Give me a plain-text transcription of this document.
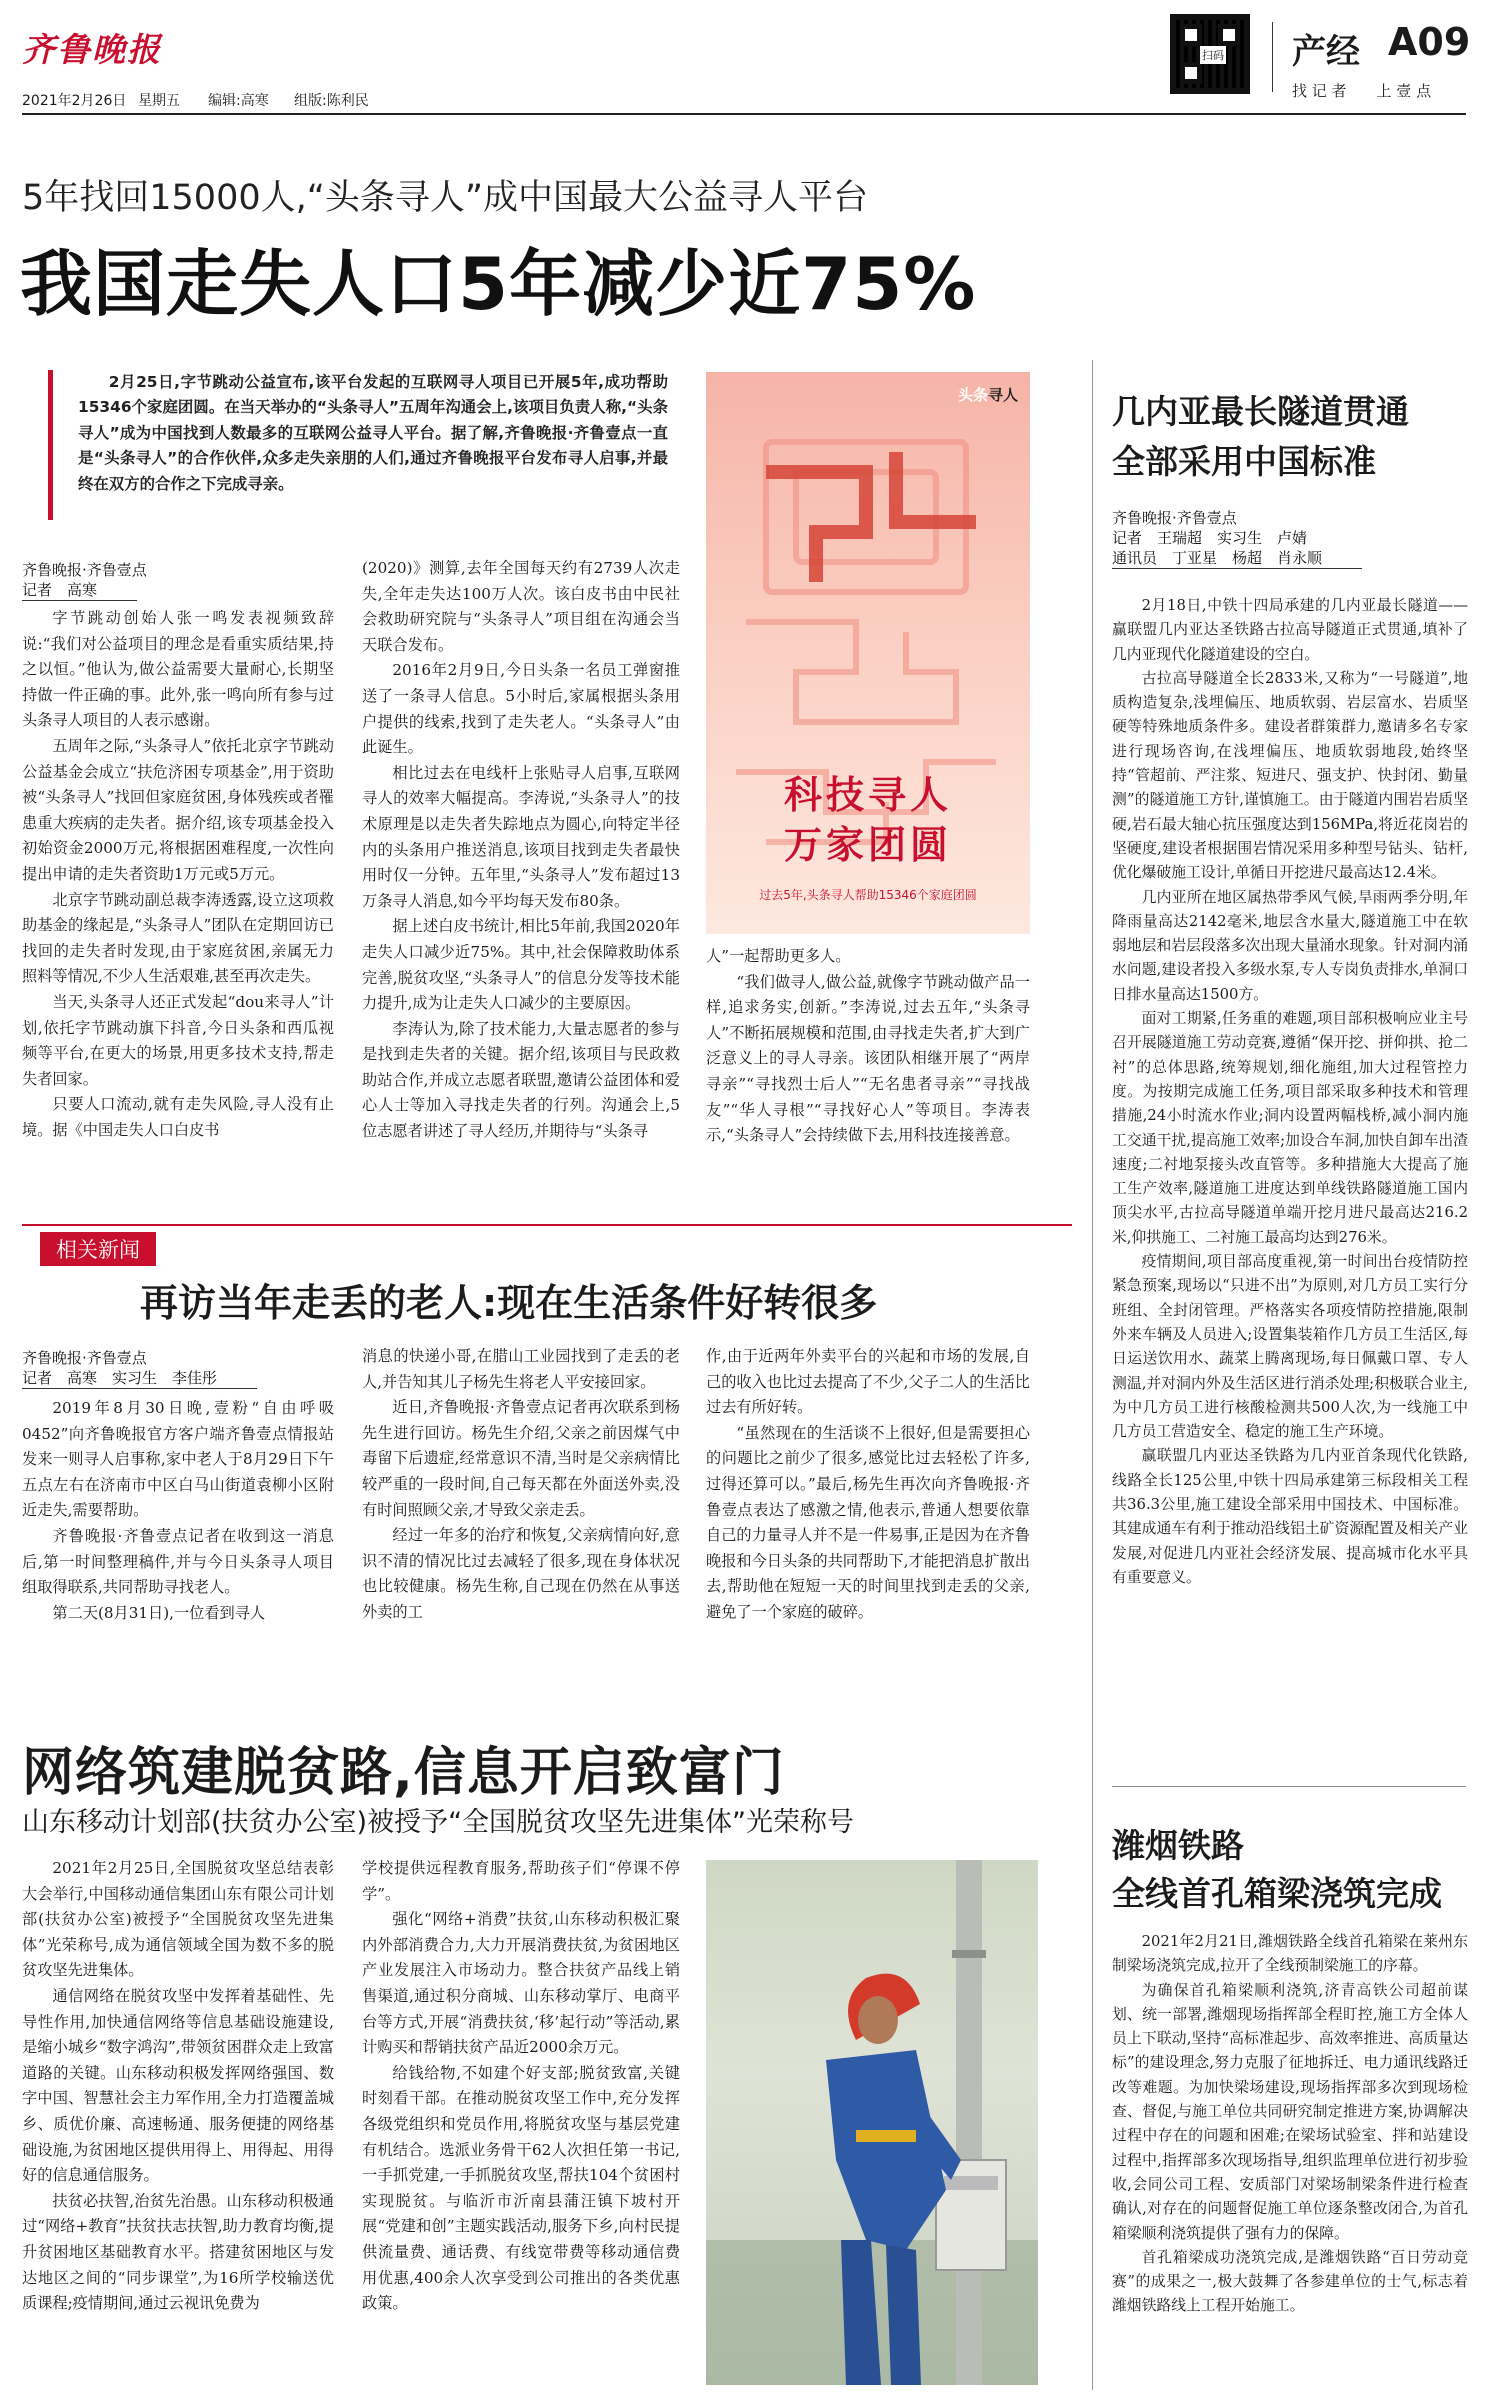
齐鲁晚报
2021年2月26日 星期五 编辑:高寒 组版:陈利民
扫码 产经 A09
找 记 者　　上 壹 点
5年找回15000人,“头条寻人”成中国最大公益寻人平台
我国走失人口5年减少近75%
2月25日,字节跳动公益宣布,该平台发起的互联网寻人项目已开展5年,成功帮助15346个家庭团圆。在当天举办的“头条寻人”五周年沟通会上,该项目负责人称,“头条寻人”成为中国找到人数最多的互联网公益寻人平台。据了解,齐鲁晚报·齐鲁壹点一直是“头条寻人”的合作伙伴,众多走失亲朋的人们,通过齐鲁晚报平台发布寻人启事,并最终在双方的合作之下完成寻亲。
齐鲁晚报·齐鲁壹点
记者　高寒

字节跳动创始人张一鸣发表视频致辞说:“我们对公益项目的理念是看重实质结果,持之以恒。”他认为,做公益需要大量耐心,长期坚持做一件正确的事。此外,张一鸣向所有参与过头条寻人项目的人表示感谢。

五周年之际,“头条寻人”依托北京字节跳动公益基金会成立“扶危济困专项基金”,用于资助被“头条寻人”找回但家庭贫困,身体残疾或者罹患重大疾病的走失者。据介绍,该专项基金投入初始资金2000万元,将根据困难程度,一次性向提出申请的走失者资助1万元或5万元。

北京字节跳动副总裁李涛透露,设立这项救助基金的缘起是,“头条寻人”团队在定期回访已找回的走失者时发现,由于家庭贫困,亲属无力照料等情况,不少人生活艰难,甚至再次走失。

当天,头条寻人还正式发起“dou来寻人”计划,依托字节跳动旗下抖音,今日头条和西瓜视频等平台,在更大的场景,用更多技术支持,帮走失者回家。

只要人口流动,就有走失风险,寻人没有止境。据《中国走失人口白皮书

(2020)》测算,去年全国每天约有2739人次走失,全年走失达100万人次。该白皮书由中民社会救助研究院与“头条寻人”项目组在沟通会当天联合发布。

2016年2月9日,今日头条一名员工弹窗推送了一条寻人信息。5小时后,家属根据头条用户提供的线索,找到了走失老人。“头条寻人”由此诞生。

相比过去在电线杆上张贴寻人启事,互联网寻人的效率大幅提高。李涛说,“头条寻人”的技术原理是以走失者失踪地点为圆心,向特定半径内的头条用户推送消息,该项目找到走失者最快用时仅一分钟。五年里,“头条寻人”发布超过13万条寻人消息,如今平均每天发布80条。

据上述白皮书统计,相比5年前,我国2020年走失人口减少近75%。其中,社会保障救助体系完善,脱贫攻坚,“头条寻人”的信息分发等技术能力提升,成为让走失人口减少的主要原因。

李涛认为,除了技术能力,大量志愿者的参与是找到走失者的关键。据介绍,该项目与民政救助站合作,并成立志愿者联盟,邀请公益团体和爱心人士等加入寻找走失者的行列。沟通会上,5位志愿者讲述了寻人经历,并期待与“头条寻

头条寻人
科技寻人
万家团圆
过去5年,头条寻人帮助15346个家庭团圆

人”一起帮助更多人。

“我们做寻人,做公益,就像字节跳动做产品一样,追求务实,创新。”李涛说,过去五年,“头条寻人”不断拓展规模和范围,由寻找走失者,扩大到广泛意义上的寻人寻亲。该团队相继开展了“两岸寻亲”“寻找烈士后人”“无名患者寻亲”“寻找战友”“华人寻根”“寻找好心人”等项目。李涛表示,“头条寻人”会持续做下去,用科技连接善意。

几内亚最长隧道贯通
全部采用中国标准
齐鲁晚报·齐鲁壹点
记者　王瑞超　实习生　卢婧
通讯员　丁亚星　杨超　肖永顺

2月18日,中铁十四局承建的几内亚最长隧道——赢联盟几内亚达圣铁路古拉高导隧道正式贯通,填补了几内亚现代化隧道建设的空白。

古拉高导隧道全长2833米,又称为“一号隧道”,地质构造复杂,浅埋偏压、地质软弱、岩层富水、岩质坚硬等特殊地质条件多。建设者群策群力,邀请多名专家进行现场咨询,在浅埋偏压、地质软弱地段,始终坚持“管超前、严注浆、短进尺、强支护、快封闭、勤量测”的隧道施工方针,谨慎施工。由于隧道内围岩岩质坚硬,岩石最大轴心抗压强度达到156MPa,将近花岗岩的坚硬度,建设者根据围岩情况采用多种型号钻头、钻杆,优化爆破施工设计,单循日开挖进尺最高达12.4米。

几内亚所在地区属热带季风气候,旱雨两季分明,年降雨量高达2142毫米,地层含水量大,隧道施工中在软弱地层和岩层段落多次出现大量涌水现象。针对洞内涌水问题,建设者投入多级水泵,专人专岗负责排水,单洞口日排水量高达1500方。

面对工期紧,任务重的难题,项目部积极响应业主号召开展隧道施工劳动竞赛,遵循“保开挖、拼仰拱、抢二衬”的总体思路,统筹规划,细化施组,加大过程管控力度。为按期完成施工任务,项目部采取多种技术和管理措施,24小时流水作业;洞内设置两幅栈桥,减小洞内施工交通干扰,提高施工效率;加设合车洞,加快自卸车出渣速度;二衬地泵接头改直管等。多种措施大大提高了施工生产效率,隧道施工进度达到单线铁路隧道施工国内顶尖水平,古拉高导隧道单端开挖月进尺最高达216.2米,仰拱施工、二衬施工最高均达到276米。

疫情期间,项目部高度重视,第一时间出台疫情防控紧急预案,现场以“只进不出”为原则,对几方员工实行分班组、全封闭管理。严格落实各项疫情防控措施,限制外来车辆及人员进入;设置集装箱作几方员工生活区,每日运送饮用水、蔬菜上腾离现场,每日佩戴口罩、专人测温,并对洞内外及生活区进行消杀处理;积极联合业主,为中几方员工进行核酸检测共500人次,为一线施工中几方员工营造安全、稳定的施工生产环境。

赢联盟几内亚达圣铁路为几内亚首条现代化铁路,线路全长125公里,中铁十四局承建第三标段相关工程共36.3公里,施工建设全部采用中国技术、中国标准。其建成通车有利于推动沿线铝土矿资源配置及相关产业发展,对促进几内亚社会经济发展、提高城市化水平具有重要意义。

潍烟铁路
全线首孔箱梁浇筑完成

2021年2月21日,潍烟铁路全线首孔箱梁在莱州东制梁场浇筑完成,拉开了全线预制梁施工的序幕。

为确保首孔箱梁顺利浇筑,济青高铁公司超前谋划、统一部署,潍烟现场指挥部全程盯控,施工方全体人员上下联动,坚持“高标准起步、高效率推进、高质量达标”的建设理念,努力克服了征地拆迁、电力通讯线路迁改等难题。为加快梁场建设,现场指挥部多次到现场检查、督促,与施工单位共同研究制定推进方案,协调解决过程中存在的问题和困难;在梁场试验室、拌和站建设过程中,指挥部多次现场指导,组织监理单位进行初步验收,会同公司工程、安质部门对梁场制梁条件进行检查确认,对存在的问题督促施工单位逐条整改闭合,为首孔箱梁顺利浇筑提供了强有力的保障。

首孔箱梁成功浇筑完成,是潍烟铁路“百日劳动竞赛”的成果之一,极大鼓舞了各参建单位的士气,标志着潍烟铁路线上工程开始施工。

相关新闻
再访当年走丢的老人:现在生活条件好转很多
齐鲁晚报·齐鲁壹点
记者　高寒　实习生　李佳彤

2019年8月30日晚,壹粉“自由呼吸0452”向齐鲁晚报官方客户端齐鲁壹点情报站发来一则寻人启事称,家中老人于8月29日下午五点左右在济南市中区白马山街道袁柳小区附近走失,需要帮助。

齐鲁晚报·齐鲁壹点记者在收到这一消息后,第一时间整理稿件,并与今日头条寻人项目组取得联系,共同帮助寻找老人。

第二天(8月31日),一位看到寻人

消息的快递小哥,在腊山工业园找到了走丢的老人,并告知其儿子杨先生将老人平安接回家。

近日,齐鲁晚报·齐鲁壹点记者再次联系到杨先生进行回访。杨先生介绍,父亲之前因煤气中毒留下后遗症,经常意识不清,当时是父亲病情比较严重的一段时间,自己每天都在外面送外卖,没有时间照顾父亲,才导致父亲走丢。

经过一年多的治疗和恢复,父亲病情向好,意识不清的情况比过去减轻了很多,现在身体状况也比较健康。杨先生称,自己现在仍然在从事送外卖的工

作,由于近两年外卖平台的兴起和市场的发展,自己的收入也比过去提高了不少,父子二人的生活比过去有所好转。

“虽然现在的生活谈不上很好,但是需要担心的问题比之前少了很多,感觉比过去轻松了许多,过得还算可以。”最后,杨先生再次向齐鲁晚报·齐鲁壹点表达了感激之情,他表示,普通人想要依靠自己的力量寻人并不是一件易事,正是因为在齐鲁晚报和今日头条的共同帮助下,才能把消息扩散出去,帮助他在短短一天的时间里找到走丢的父亲,避免了一个家庭的破碎。

网络筑建脱贫路,信息开启致富门
山东移动计划部(扶贫办公室)被授予“全国脱贫攻坚先进集体”光荣称号

2021年2月25日,全国脱贫攻坚总结表彰大会举行,中国移动通信集团山东有限公司计划部(扶贫办公室)被授予“全国脱贫攻坚先进集体”光荣称号,成为通信领域全国为数不多的脱贫攻坚先进集体。

通信网络在脱贫攻坚中发挥着基础性、先导性作用,加快通信网络等信息基础设施建设,是缩小城乡“数字鸿沟”,带领贫困群众走上致富道路的关键。山东移动积极发挥网络强国、数字中国、智慧社会主力军作用,全力打造覆盖城乡、质优价廉、高速畅通、服务便捷的网络基础设施,为贫困地区提供用得上、用得起、用得好的信息通信服务。

扶贫必扶智,治贫先治愚。山东移动积极通过“网络+教育”扶贫扶志扶智,助力教育均衡,提升贫困地区基础教育水平。搭建贫困地区与发达地区之间的“同步课堂”,为16所学校输送优质课程;疫情期间,通过云视讯免费为

学校提供远程教育服务,帮助孩子们“停课不停学”。

强化“网络+消费”扶贫,山东移动积极汇聚内外部消费合力,大力开展消费扶贫,为贫困地区产业发展注入市场动力。整合扶贫产品线上销售渠道,通过积分商城、山东移动掌厅、电商平台等方式,开展“消费扶贫,‘移’起行动”等活动,累计购买和帮销扶贫产品近2000余万元。

给钱给物,不如建个好支部;脱贫致富,关键时刻看干部。在推动脱贫攻坚工作中,充分发挥各级党组织和党员作用,将脱贫攻坚与基层党建有机结合。选派业务骨干62人次担任第一书记,一手抓党建,一手抓脱贫攻坚,帮扶104个贫困村实现脱贫。与临沂市沂南县蒲汪镇下坡村开展“党建和创”主题实践活动,服务下乡,向村民提供流量费、通话费、有线宽带费等移动通信费用优惠,400余人次享受到公司推出的各类优惠政策。
